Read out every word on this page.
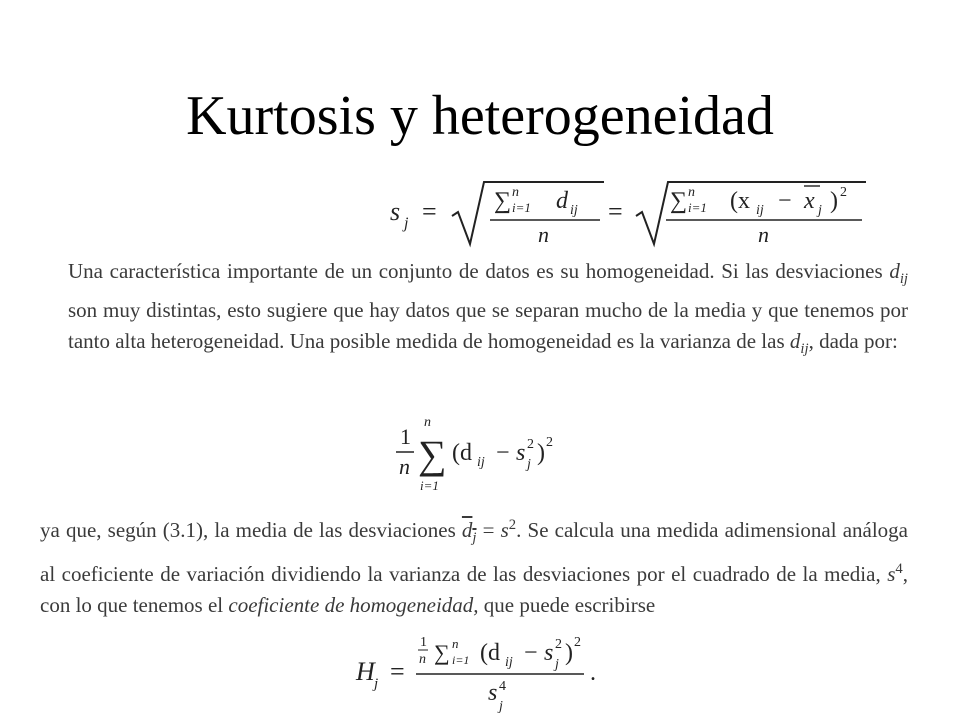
Kurtosis y heterogeneidad
s j = ∑ n
i=1 d ij
n
= ∑ n
i=1 (x ij − x j ) 2
n
Una característica importante de un conjunto de datos es su homogeneidad. Si las desviaciones $d_{ij}$ son muy distintas, esto sugiere que hay datos que se separan mucho de la media y que tenemos por tanto alta heterogeneidad. Una posible medida de homogeneidad es la varianza de las $d_{ij}$, dada por:
1
n
n
∑
i=1
(d ij − s 2
j ) 2
ya que, según (3.1), la media de las desviaciones $d_j = s^2$. Se calcula una medida adimensional análoga al coeficiente de variación dividiendo la varianza de las desviaciones por el cuadrado de la media, $s^4$, con lo que tenemos el coeficiente de homogeneidad, que puede escribirse
H j =
1
n ∑ n
i=1 (d ij − s 2
j ) 2
s 4
j
.
